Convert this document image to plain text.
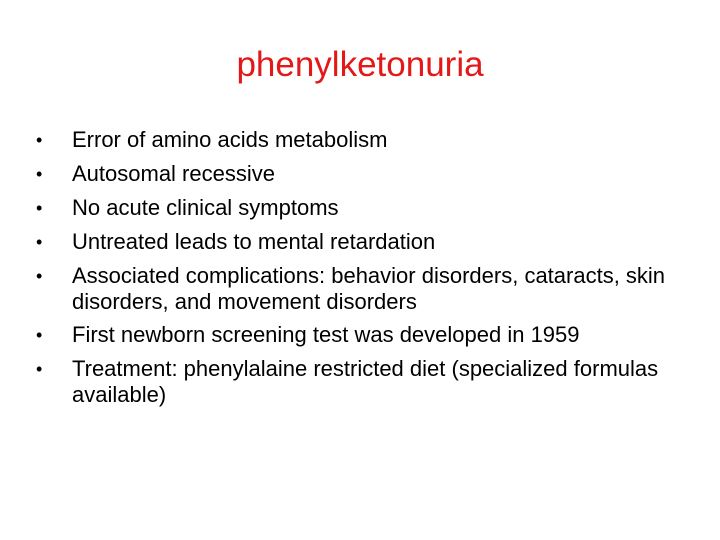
phenylketonuria
•	Error of amino acids metabolism
•	Autosomal recessive
•	No acute clinical symptoms
•	Untreated leads to mental retardation
•	Associated complications: behavior disorders, cataracts, skin disorders, and movement disorders
•	First newborn screening test was developed in 1959
•	Treatment: phenylalaine restricted diet (specialized formulas available)
